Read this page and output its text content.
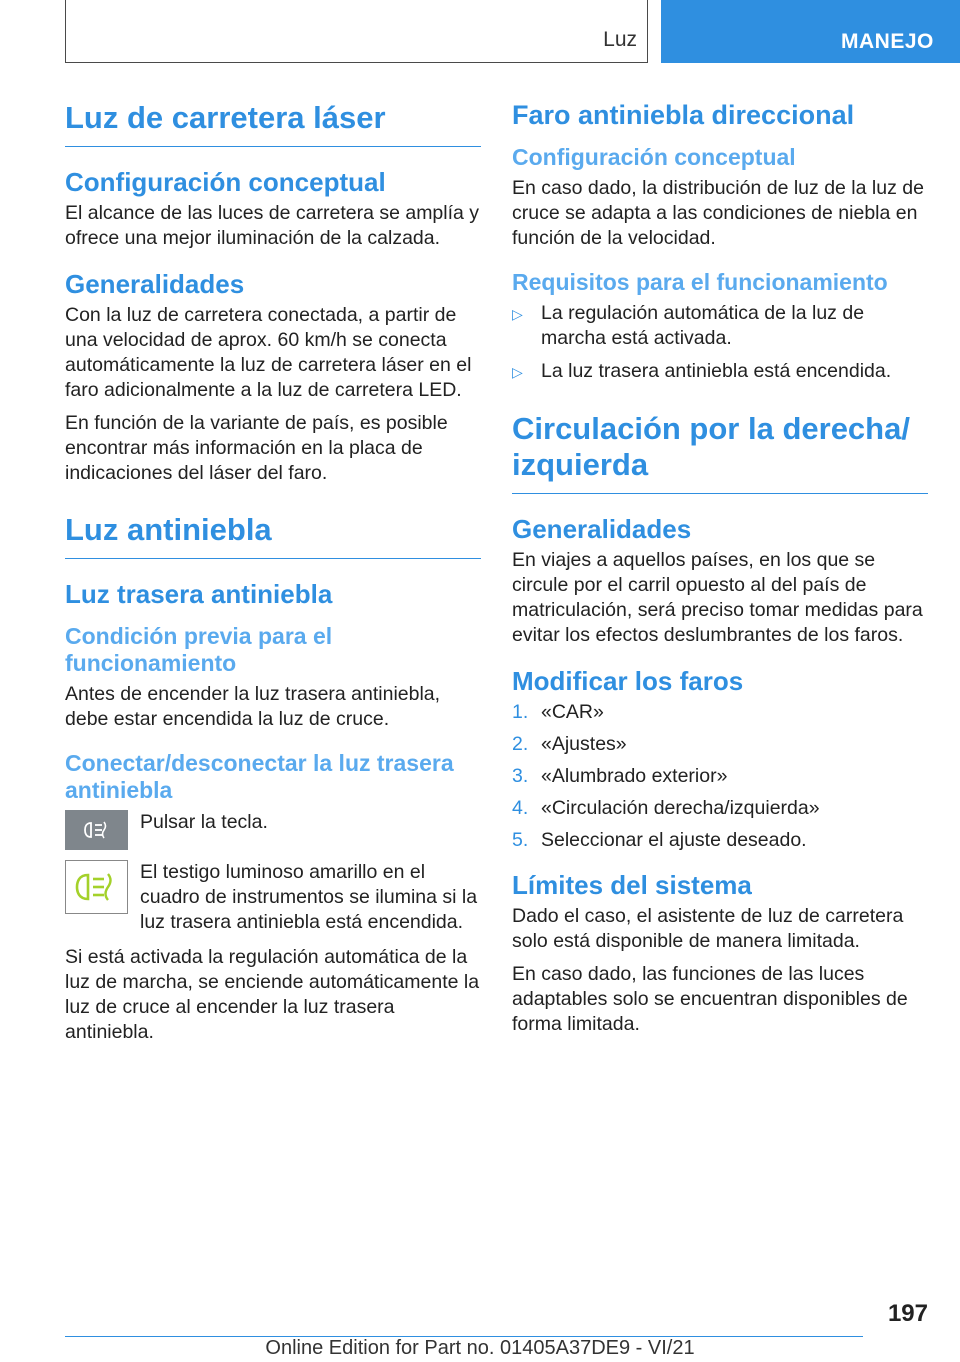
Luz	MANEJO
Luz de carretera láser
Configuración conceptual

El alcance de las luces de carretera se amplía y ofrece una mejor iluminación de la calzada.

Generalidades

Con la luz de carretera conectada, a partir de una velocidad de aprox. 60 km/h se conecta automáticamente la luz de carretera láser en el faro adicionalmente a la luz de carretera LED.

En función de la variante de país, es posible encontrar más información en la placa de indicaciones del láser del faro.

Luz antiniebla
Luz trasera antiniebla
Condición previa para el funcionamiento

Antes de encender la luz trasera antiniebla, debe estar encendida la luz de cruce.

Conectar/desconectar la luz trasera antiniebla

Pulsar la tecla.

El testigo luminoso amarillo en el cuadro de instrumentos se ilumina si la luz trasera antiniebla está encendida.

Si está activada la regulación automática de la luz de marcha, se enciende automáticamente la luz de cruce al encender la luz trasera antiniebla.

Faro antiniebla direccional
Configuración conceptual

En caso dado, la distribución de luz de la luz de cruce se adapta a las condiciones de niebla en función de la velocidad.

Requisitos para el funcionamiento
▷ La regulación automática de la luz de marcha está activada.
▷ La luz trasera antiniebla está encendida.
Circulación por la derecha/ izquierda
Generalidades

En viajes a aquellos países, en los que se circule por el carril opuesto al del país de matriculación, será preciso tomar medidas para evitar los efectos deslumbrantes de los faros.

Modificar los faros
1. «CAR»
2. «Ajustes»
3. «Alumbrado exterior»
4. «Circulación derecha/izquierda»
5. Seleccionar el ajuste deseado.
Límites del sistema

Dado el caso, el asistente de luz de carretera solo está disponible de manera limitada.

En caso dado, las funciones de las luces adaptables solo se encuentran disponibles de forma limitada.

197
Online Edition for Part no. 01405A37DE9 - VI/21
